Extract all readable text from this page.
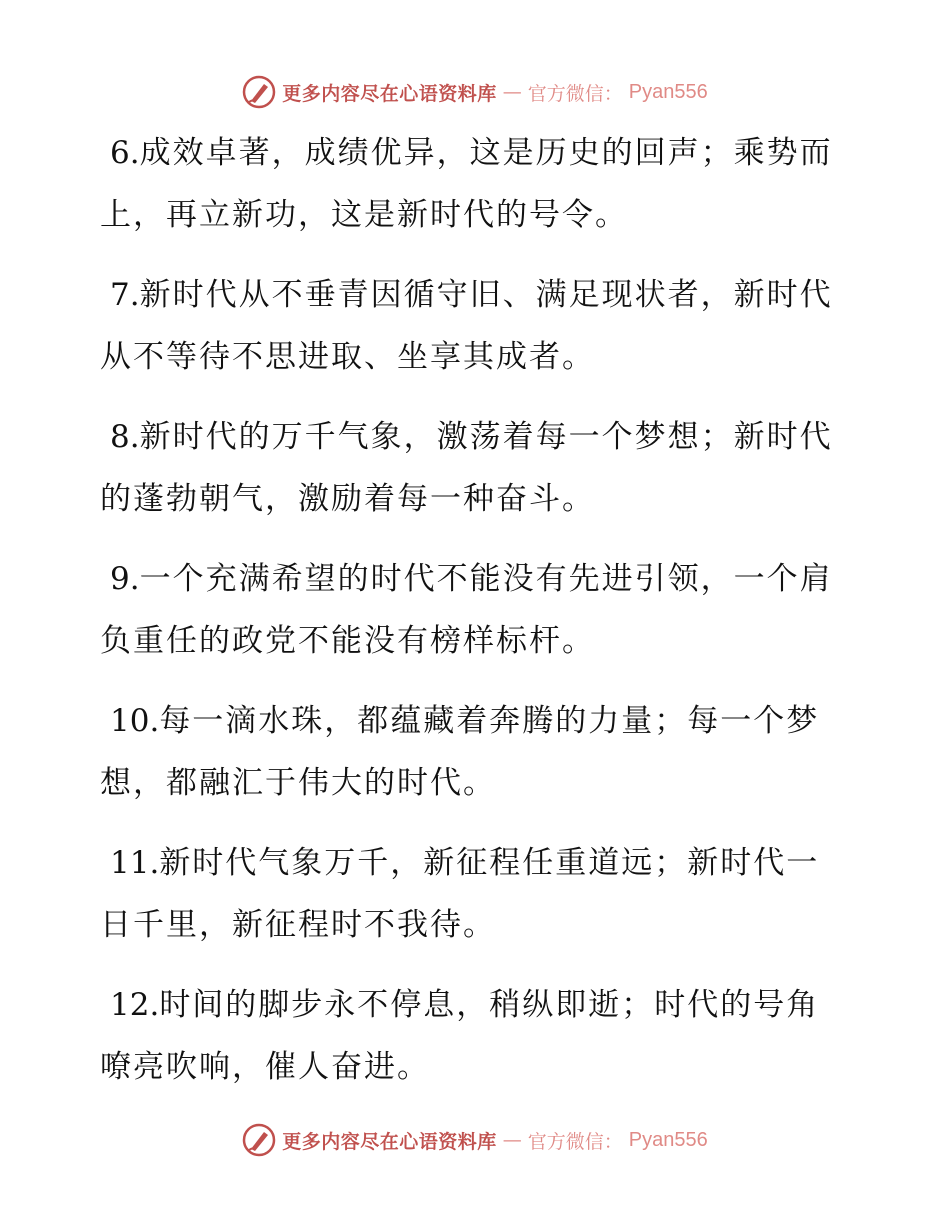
更多内容尽在心语资料库 — 官方微信： Pyan556

6.成效卓著，成绩优异，这是历史的回声；乘势而上，再立新功，这是新时代的号令。

7.新时代从不垂青因循守旧、满足现状者，新时代从不等待不思进取、坐享其成者。

8.新时代的万千气象，激荡着每一个梦想；新时代的蓬勃朝气，激励着每一种奋斗。

9.一个充满希望的时代不能没有先进引领，一个肩负重任的政党不能没有榜样标杆。

10.每一滴水珠，都蕴藏着奔腾的力量；每一个梦想，都融汇于伟大的时代。

11.新时代气象万千，新征程任重道远；新时代一日千里，新征程时不我待。

12.时间的脚步永不停息，稍纵即逝；时代的号角嘹亮吹响，催人奋进。

更多内容尽在心语资料库 — 官方微信： Pyan556
